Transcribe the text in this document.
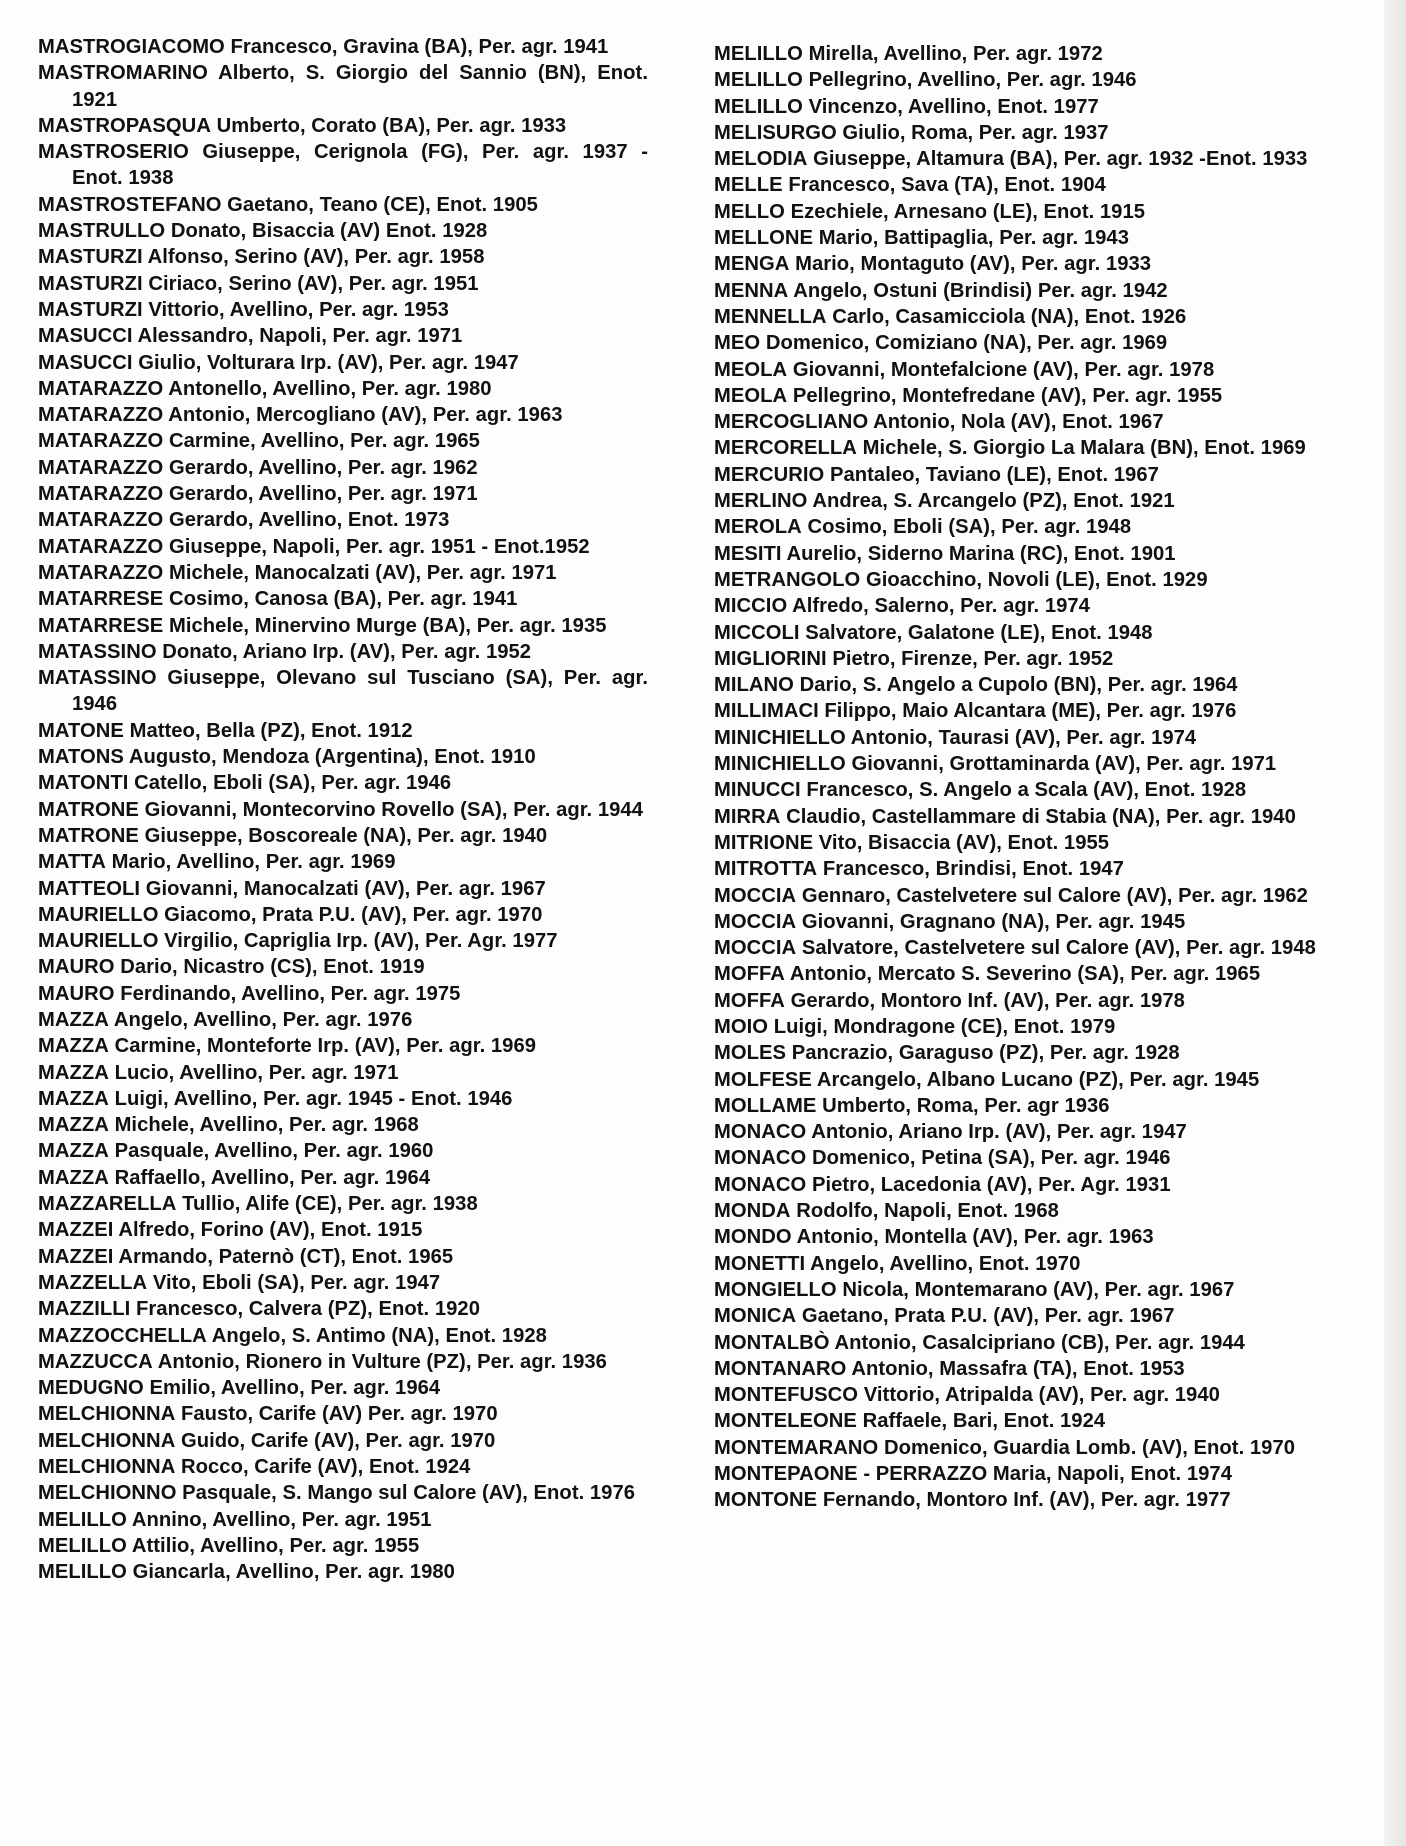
MASTROGIACOMO Francesco, Gravina (BA), Per. agr. 1941

MASTROMARINO Alberto, S. Giorgio del Sannio (BN), Enot. 1921

MASTROPASQUA Umberto, Corato (BA), Per. agr. 1933

MASTROSERIO Giuseppe, Cerignola (FG), Per. agr. 1937 - Enot. 1938

MASTROSTEFANO Gaetano, Teano (CE), Enot. 1905

MASTRULLO Donato, Bisaccia (AV) Enot. 1928

MASTURZI Alfonso, Serino (AV), Per. agr. 1958

MASTURZI Ciriaco, Serino (AV), Per. agr. 1951

MASTURZI Vittorio, Avellino, Per. agr. 1953

MASUCCI Alessandro, Napoli, Per. agr. 1971

MASUCCI Giulio, Volturara Irp. (AV), Per. agr. 1947

MATARAZZO Antonello, Avellino, Per. agr. 1980

MATARAZZO Antonio, Mercogliano (AV), Per. agr. 1963

MATARAZZO Carmine, Avellino, Per. agr. 1965

MATARAZZO Gerardo, Avellino, Per. agr. 1962

MATARAZZO Gerardo, Avellino, Per. agr. 1971

MATARAZZO Gerardo, Avellino, Enot. 1973

MATARAZZO Giuseppe, Napoli, Per. agr. 1951 - Enot.1952

MATARAZZO Michele, Manocalzati (AV), Per. agr. 1971

MATARRESE Cosimo, Canosa (BA), Per. agr. 1941

MATARRESE Michele, Minervino Murge (BA), Per. agr. 1935

MATASSINO Donato, Ariano Irp. (AV), Per. agr. 1952

MATASSINO Giuseppe, Olevano sul Tusciano (SA), Per. agr. 1946

MATONE Matteo, Bella (PZ), Enot. 1912

MATONS Augusto, Mendoza (Argentina), Enot. 1910

MATONTI Catello, Eboli (SA), Per. agr. 1946

MATRONE Giovanni, Montecorvino Rovello (SA), Per. agr. 1944

MATRONE Giuseppe, Boscoreale (NA), Per. agr. 1940

MATTA Mario, Avellino, Per. agr. 1969

MATTEOLI Giovanni, Manocalzati (AV), Per. agr. 1967

MAURIELLO Giacomo, Prata P.U. (AV), Per. agr. 1970

MAURIELLO Virgilio, Capriglia Irp. (AV), Per. Agr. 1977

MAURO Dario, Nicastro (CS), Enot. 1919

MAURO Ferdinando, Avellino, Per. agr. 1975

MAZZA Angelo, Avellino, Per. agr. 1976

MAZZA Carmine, Monteforte Irp. (AV), Per. agr. 1969

MAZZA Lucio, Avellino, Per. agr. 1971

MAZZA Luigi, Avellino, Per. agr. 1945 - Enot. 1946

MAZZA Michele, Avellino, Per. agr. 1968

MAZZA Pasquale, Avellino, Per. agr. 1960

MAZZA Raffaello, Avellino, Per. agr. 1964

MAZZARELLA Tullio, Alife (CE), Per. agr. 1938

MAZZEI Alfredo, Forino (AV), Enot. 1915

MAZZEI Armando, Paternò (CT), Enot. 1965

MAZZELLA Vito, Eboli (SA), Per. agr. 1947

MAZZILLI Francesco, Calvera (PZ), Enot. 1920

MAZZOCCHELLA Angelo, S. Antimo (NA), Enot. 1928

MAZZUCCA Antonio, Rionero in Vulture (PZ), Per. agr. 1936

MEDUGNO Emilio, Avellino, Per. agr. 1964

MELCHIONNA Fausto, Carife (AV) Per. agr. 1970

MELCHIONNA Guido, Carife (AV), Per. agr. 1970

MELCHIONNA Rocco, Carife (AV), Enot. 1924

MELCHIONNO Pasquale, S. Mango sul Calore (AV), Enot. 1976

MELILLO Annino, Avellino, Per. agr. 1951

MELILLO Attilio, Avellino, Per. agr. 1955

MELILLO Giancarla, Avellino, Per. agr. 1980

MELILLO Mirella, Avellino, Per. agr. 1972

MELILLO Pellegrino, Avellino, Per. agr. 1946

MELILLO Vincenzo, Avellino, Enot. 1977

MELISURGO Giulio, Roma, Per. agr. 1937

MELODIA Giuseppe, Altamura (BA), Per. agr. 1932 -Enot. 1933

MELLE Francesco, Sava (TA), Enot. 1904

MELLO Ezechiele, Arnesano (LE), Enot. 1915

MELLONE Mario, Battipaglia, Per. agr. 1943

MENGA Mario, Montaguto (AV), Per. agr. 1933

MENNA Angelo, Ostuni (Brindisi) Per. agr. 1942

MENNELLA Carlo, Casamicciola (NA), Enot. 1926

MEO Domenico, Comiziano (NA), Per. agr. 1969

MEOLA Giovanni, Montefalcione (AV), Per. agr. 1978

MEOLA Pellegrino, Montefredane (AV), Per. agr. 1955

MERCOGLIANO Antonio, Nola (AV), Enot. 1967

MERCORELLA Michele, S. Giorgio La Malara (BN), Enot. 1969

MERCURIO Pantaleo, Taviano (LE), Enot. 1967

MERLINO Andrea, S. Arcangelo (PZ), Enot. 1921

MEROLA Cosimo, Eboli (SA), Per. agr. 1948

MESITI Aurelio, Siderno Marina (RC), Enot. 1901

METRANGOLO Gioacchino, Novoli (LE), Enot. 1929

MICCIO Alfredo, Salerno, Per. agr. 1974

MICCOLI Salvatore, Galatone (LE), Enot. 1948

MIGLIORINI Pietro, Firenze, Per. agr. 1952

MILANO Dario, S. Angelo a Cupolo (BN), Per. agr. 1964

MILLIMACI Filippo, Maio Alcantara (ME), Per. agr. 1976

MINICHIELLO Antonio, Taurasi (AV), Per. agr. 1974

MINICHIELLO Giovanni, Grottaminarda (AV), Per. agr. 1971

MINUCCI Francesco, S. Angelo a Scala (AV), Enot. 1928

MIRRA Claudio, Castellammare di Stabia (NA), Per. agr. 1940

MITRIONE Vito, Bisaccia (AV), Enot. 1955

MITROTTA Francesco, Brindisi, Enot. 1947

MOCCIA Gennaro, Castelvetere sul Calore (AV), Per. agr. 1962

MOCCIA Giovanni, Gragnano (NA), Per. agr. 1945

MOCCIA Salvatore, Castelvetere sul Calore (AV), Per. agr. 1948

MOFFA Antonio, Mercato S. Severino (SA), Per. agr. 1965

MOFFA Gerardo, Montoro Inf. (AV), Per. agr. 1978

MOIO Luigi, Mondragone (CE), Enot. 1979

MOLES Pancrazio, Garaguso (PZ), Per. agr. 1928

MOLFESE Arcangelo, Albano Lucano (PZ), Per. agr. 1945

MOLLAME Umberto, Roma, Per. agr 1936

MONACO Antonio, Ariano Irp. (AV), Per. agr. 1947

MONACO Domenico, Petina (SA), Per. agr. 1946

MONACO Pietro, Lacedonia (AV), Per. Agr. 1931

MONDA Rodolfo, Napoli, Enot. 1968

MONDO Antonio, Montella (AV), Per. agr. 1963

MONETTI Angelo, Avellino, Enot. 1970

MONGIELLO Nicola, Montemarano (AV), Per. agr. 1967

MONICA Gaetano, Prata P.U. (AV), Per. agr. 1967

MONTALBÒ Antonio, Casalcipriano (CB), Per. agr. 1944

MONTANARO Antonio, Massafra (TA), Enot. 1953

MONTEFUSCO Vittorio, Atripalda (AV), Per. agr. 1940

MONTELEONE Raffaele, Bari, Enot. 1924

MONTEMARANO Domenico, Guardia Lomb. (AV), Enot. 1970

MONTEPAONE - PERRAZZO Maria, Napoli, Enot. 1974

MONTONE Fernando, Montoro Inf. (AV), Per. agr. 1977
